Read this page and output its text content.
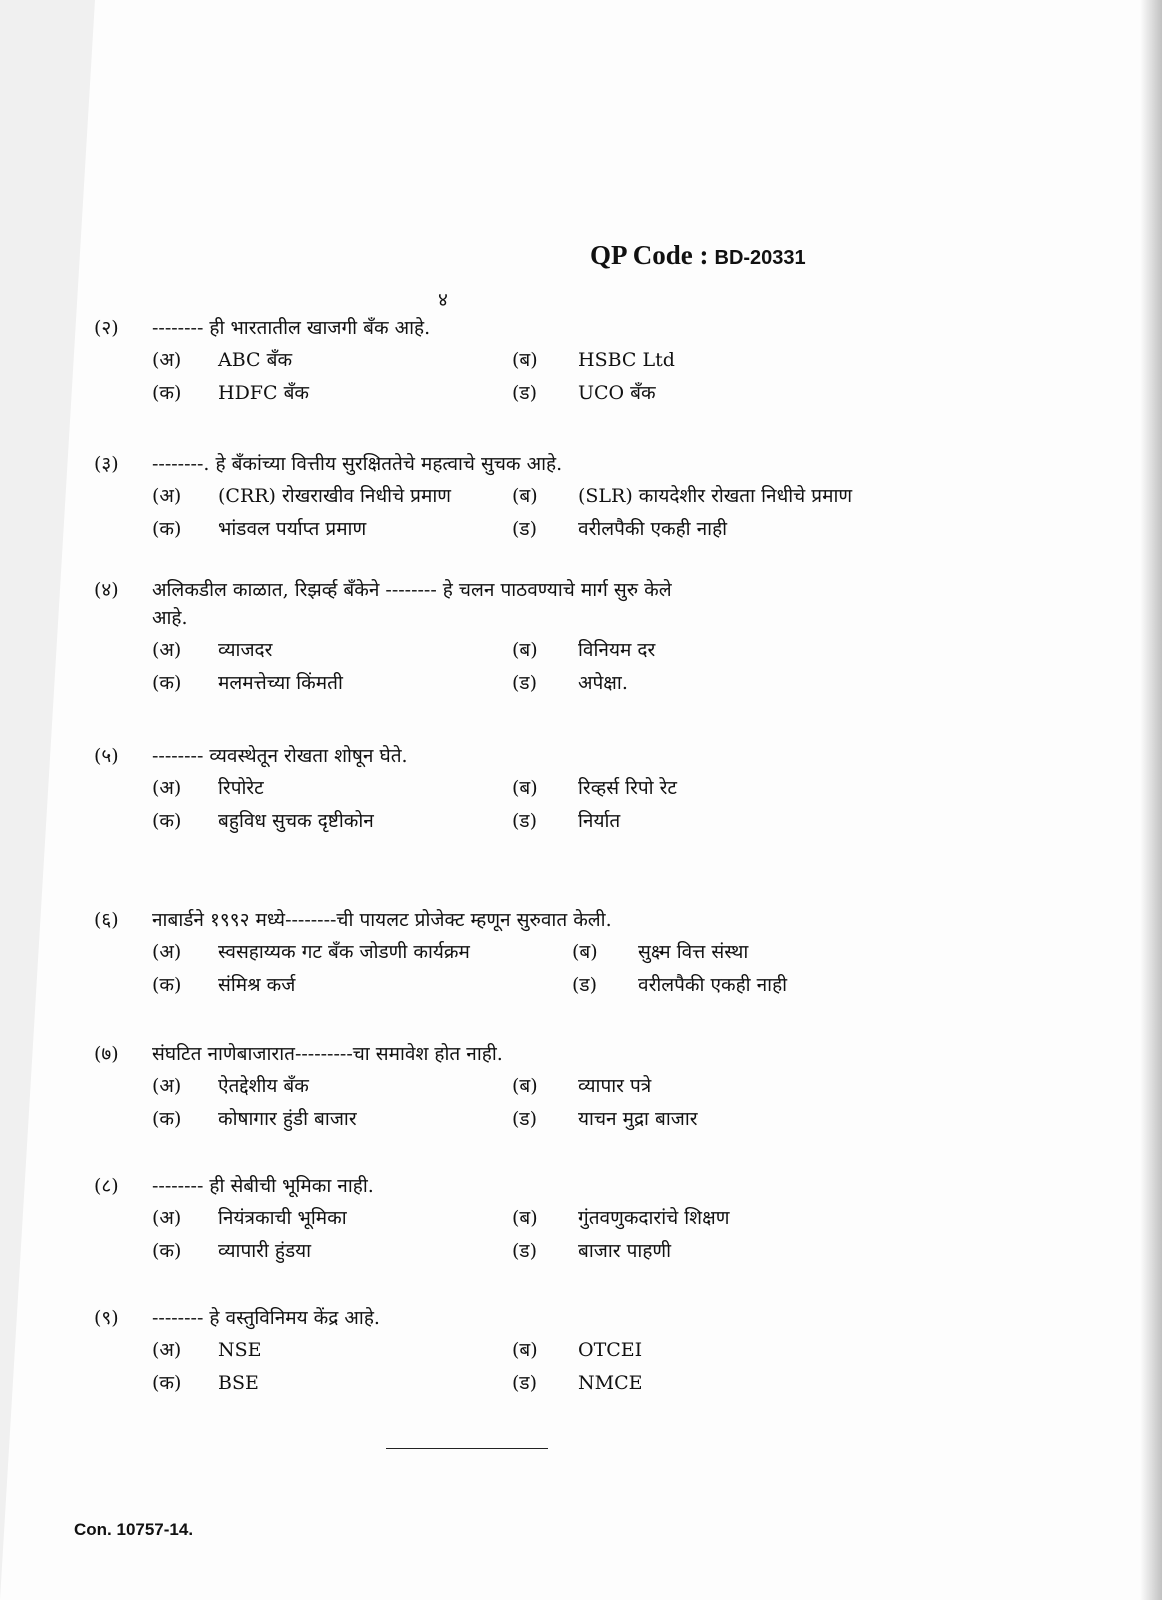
QP Code : BD-20331
४
(२) -------- ही भारतातील खाजगी बँक आहे.
(अ) ABC बँक	(ब) HSBC Ltd
(क) HDFC बँक	(ड) UCO बँक
(३) --------. हे बँकांच्या वित्तीय सुरक्षिततेचे महत्वाचे सुचक आहे.
(अ) (CRR) रोखराखीव निधीचे प्रमाण	(ब) (SLR) कायदेशीर रोखता निधीचे प्रमाण
(क) भांडवल पर्याप्त प्रमाण	(ड) वरीलपैकी एकही नाही
(४) अलिकडील काळात, रिझर्व्ह बँकेने -------- हे चलन पाठवण्याचे मार्ग सुरु केले
आहे.
(अ) व्याजदर	(ब) विनियम दर
(क) मलमत्तेच्या किंमती	(ड) अपेक्षा.
(५) -------- व्यवस्थेतून रोखता शोषून घेते.
(अ) रिपोरेट	(ब) रिव्हर्स रिपो रेट
(क) बहुविध सुचक दृष्टीकोन	(ड) निर्यात
(६) नाबार्डने १९९२ मध्ये--------ची पायलट प्रोजेक्ट म्हणून सुरुवात केली.
(अ) स्वसहाय्यक गट बँक जोडणी कार्यक्रम	(ब) सुक्ष्म वित्त संस्था
(क) संमिश्र कर्ज	(ड) वरीलपैकी एकही नाही
(७) संघटित नाणेबाजारात---------चा समावेश होत नाही.
(अ) ऐतद्देशीय बँक	(ब) व्यापार पत्रे
(क) कोषागार हुंडी बाजार	(ड) याचन मुद्रा बाजार
(८) -------- ही सेबीची भूमिका नाही.
(अ) नियंत्रकाची भूमिका	(ब) गुंतवणुकदारांचे शिक्षण
(क) व्यापारी हुंडया	(ड) बाजार पाहणी
(९) -------- हे वस्तुविनिमय केंद्र आहे.
(अ) NSE	(ब) OTCEI
(क) BSE	(ड) NMCE
Con. 10757-14.
